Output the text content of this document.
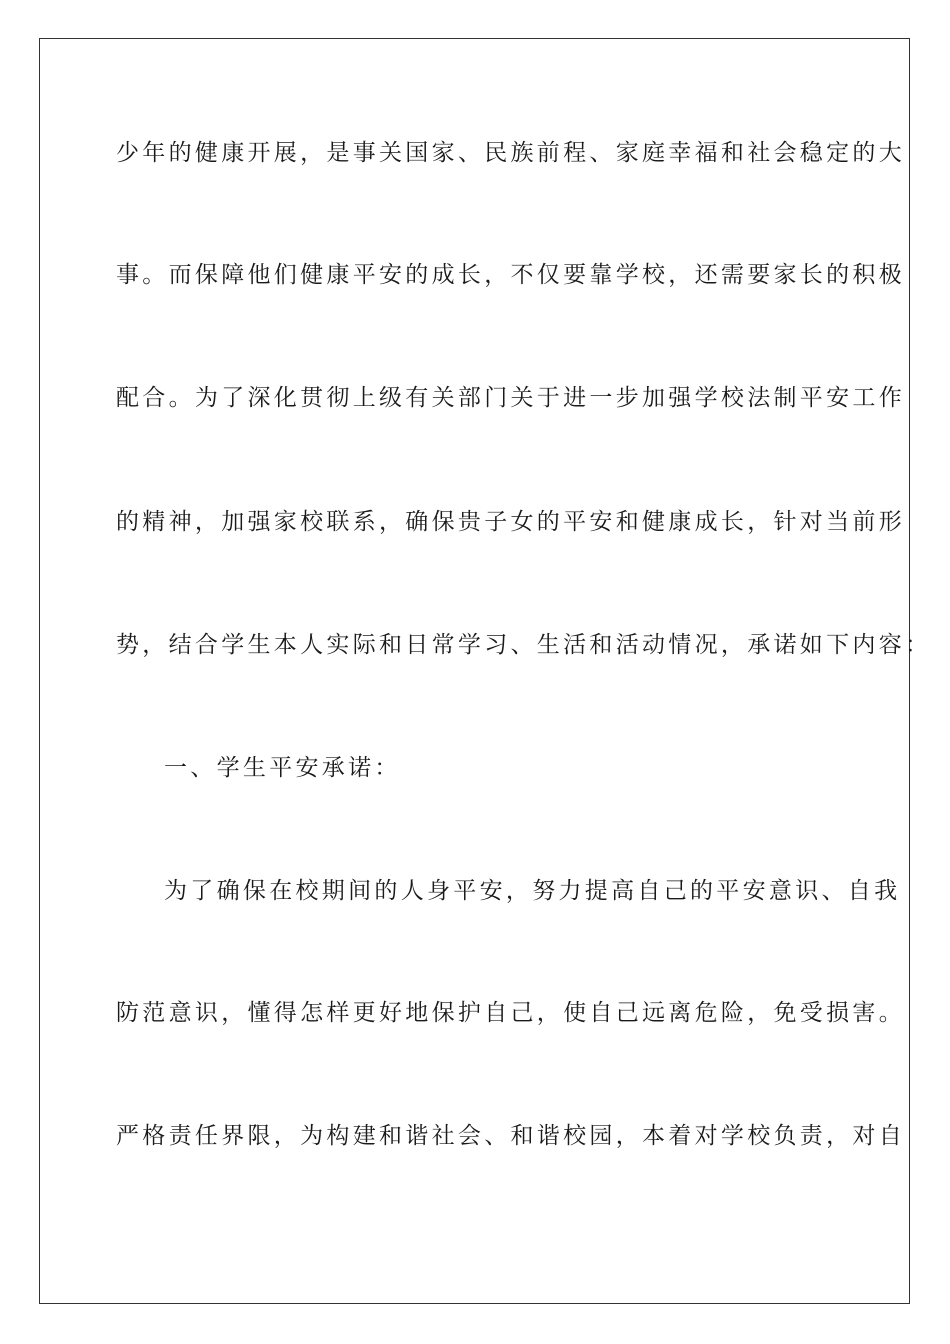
少年的健康开展，是事关国家、民族前程、家庭幸福和社会稳定的大

事。而保障他们健康平安的成长，不仅要靠学校，还需要家长的积极

配合。为了深化贯彻上级有关部门关于进一步加强学校法制平安工作

的精神，加强家校联系，确保贵子女的平安和健康成长，针对当前形

势，结合学生本人实际和日常学习、生活和活动情况，承诺如下内容：

一、学生平安承诺：

为了确保在校期间的人身平安，努力提高自己的平安意识、自我

防范意识，懂得怎样更好地保护自己，使自己远离危险，免受损害。

严格责任界限，为构建和谐社会、和谐校园，本着对学校负责，对自
